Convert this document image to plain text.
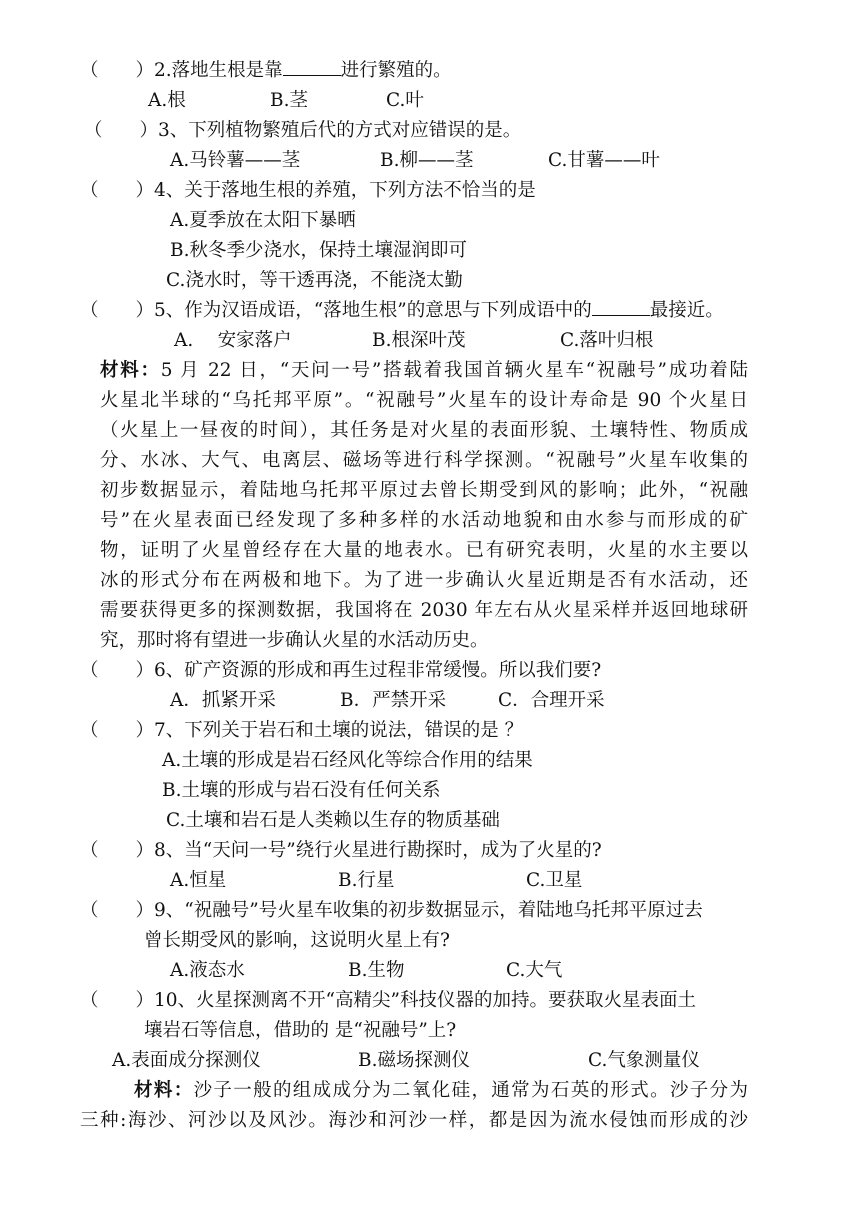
（　　）2.落地生根是靠	进行繁殖的。
A.根	B.茎	C.叶
（　　）3、下列植物繁殖后代的方式对应错误的是。
A.马铃薯——茎	B.柳——茎	C.甘薯——叶
（　　）4、关于落地生根的养殖，下列方法不恰当的是
A.夏季放在太阳下暴晒
B.秋冬季少浇水，保持土壤湿润即可
C.浇水时，等干透再浇，不能浇太勤
（　　）5、作为汉语成语，“落地生根”的意思与下列成语中的	最接近。
A.　 安家落户	B.根深叶茂	C.落叶归根
材料：5 月 22 日，“天问一号”搭载着我国首辆火星车“祝融号”成功着陆
火星北半球的“乌托邦平原”。“祝融号”火星车的设计寿命是 90 个火星日
（火星上一昼夜的时间），其任务是对火星的表面形貌、土壤特性、物质成
分、水冰、大气、电离层、磁场等进行科学探测。“祝融号”火星车收集的
初步数据显示，着陆地乌托邦平原过去曾长期受到风的影响；此外，“祝融
号”在火星表面已经发现了多种多样的水活动地貌和由水参与而形成的矿
物，证明了火星曾经存在大量的地表水。已有研究表明，火星的水主要以
冰的形式分布在两极和地下。为了进一步确认火星近期是否有水活动，还
需要获得更多的探测数据，我国将在 2030 年左右从火星采样并返回地球研
究，那时将有望进一步确认火星的水活动历史。
（　　）6、矿产资源的形成和再生过程非常缓慢。所以我们要?
A．抓紧开采	B．严禁开采	C．合理开采
（　　）7、下列关于岩石和土壤的说法，错误的是 ？
A.土壤的形成是岩石经风化等综合作用的结果
B.土壤的形成与岩石没有任何关系
C.土壤和岩石是人类赖以生存的物质基础
（　　）8、当“天问一号”绕行火星进行勘探时，成为了火星的?
A.恒星	B.行星	C.卫星
（　　）9、“祝融号”号火星车收集的初步数据显示，着陆地乌托邦平原过去
曾长期受风的影响，这说明火星上有?
A.液态水	B.生物	C.大气
（　　）10、火星探测离不开“高精尖”科技仪器的加持。要获取火星表面土
壤岩石等信息，借助的 是“祝融号”上?
A.表面成分探测仪	B.磁场探测仪	C.气象测量仪
材料：沙子一般的组成成分为二氧化硅，通常为石英的形式。沙子分为
三种:海沙、河沙以及风沙。海沙和河沙一样，都是因为流水侵蚀而形成的沙
